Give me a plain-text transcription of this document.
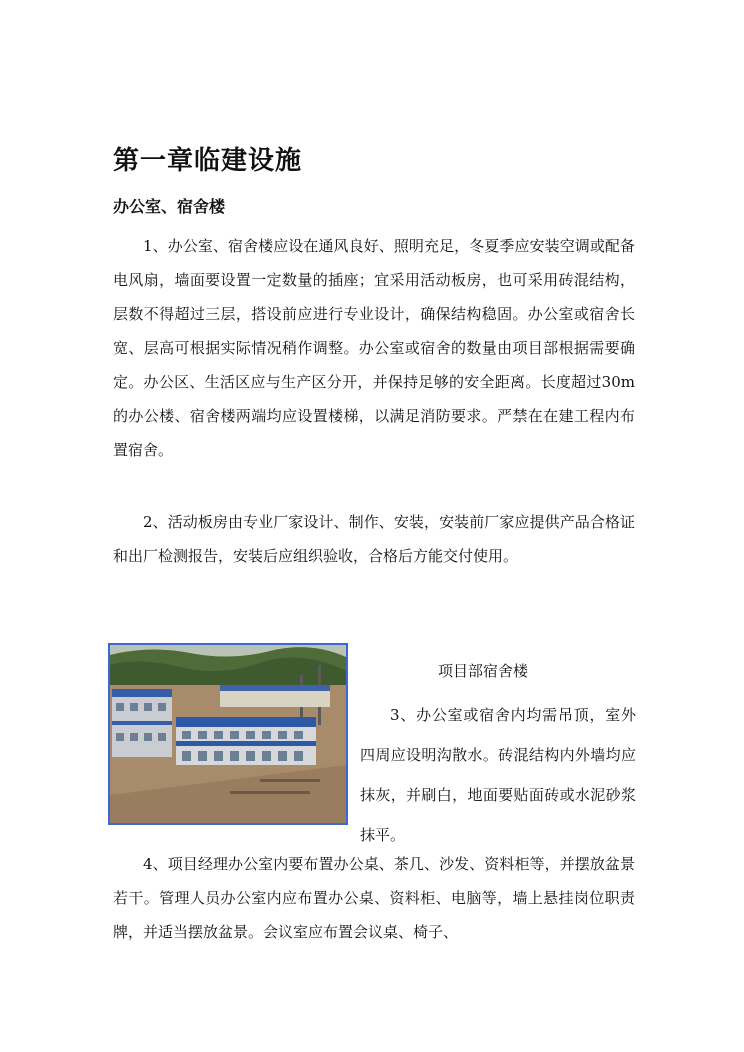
第一章临建设施
办公室、宿舍楼

1、办公室、宿舍楼应设在通风良好、照明充足，冬夏季应安装空调或配备电风扇，墙面要设置一定数量的插座；宜采用活动板房，也可采用砖混结构，层数不得超过三层，搭设前应进行专业设计，确保结构稳固。办公室或宿舍长宽、层高可根据实际情况稍作调整。办公室或宿舍的数量由项目部根据需要确定。办公区、生活区应与生产区分开，并保持足够的安全距离。长度超过30m的办公楼、宿舍楼两端均应设置楼梯，以满足消防要求。严禁在在建工程内布置宿舍。

2、活动板房由专业厂家设计、制作、安装，安装前厂家应提供产品合格证和出厂检测报告，安装后应组织验收，合格后方能交付使用。

项目部宿舍楼

3、办公室或宿舍内均需吊顶，室外四周应设明沟散水。砖混结构内外墙均应抹灰，并刷白，地面要贴面砖或水泥砂浆抹平。

4、项目经理办公室内要布置办公桌、茶几、沙发、资料柜等，并摆放盆景若干。管理人员办公室内应布置办公桌、资料柜、电脑等，墙上悬挂岗位职责牌，并适当摆放盆景。会议室应布置会议桌、椅子、
